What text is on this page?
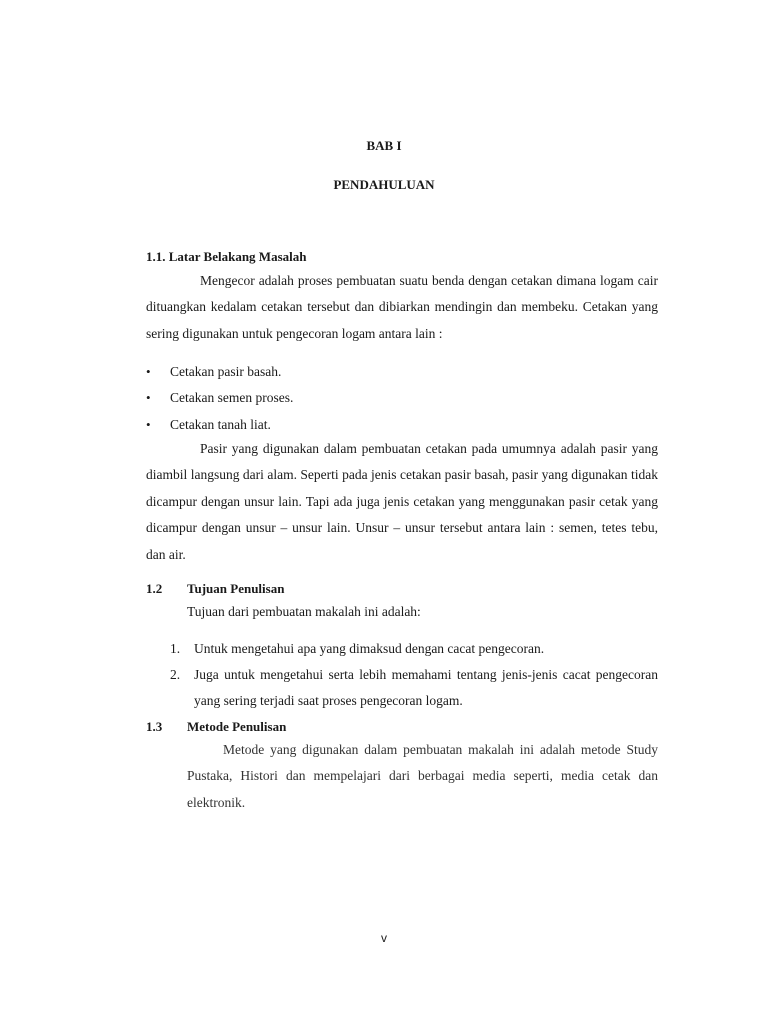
BAB I
PENDAHULUAN
1.1. Latar Belakang Masalah

Mengecor adalah proses pembuatan suatu benda dengan cetakan dimana logam cair dituangkan kedalam cetakan tersebut dan dibiarkan mendingin dan membeku. Cetakan yang sering digunakan untuk pengecoran logam antara lain :

• Cetakan pasir basah.
• Cetakan semen proses.
• Cetakan tanah liat.

Pasir yang digunakan dalam pembuatan cetakan pada umumnya adalah pasir yang diambil langsung dari alam. Seperti pada jenis cetakan pasir basah, pasir yang digunakan tidak dicampur dengan unsur lain. Tapi ada juga jenis cetakan yang menggunakan pasir cetak yang dicampur dengan unsur – unsur lain. Unsur – unsur tersebut antara lain : semen, tetes tebu, dan air.

1.2 Tujuan Penulisan
Tujuan dari pembuatan makalah ini adalah:
1. Untuk mengetahui apa yang dimaksud dengan cacat pengecoran.
2. Juga untuk mengetahui serta lebih memahami tentang jenis-jenis cacat pengecoran yang sering terjadi saat proses pengecoran logam.
1.3 Metode Penulisan

Metode yang digunakan dalam pembuatan makalah ini adalah metode Study Pustaka, Histori dan mempelajari dari berbagai media seperti, media cetak dan elektronik.

v
